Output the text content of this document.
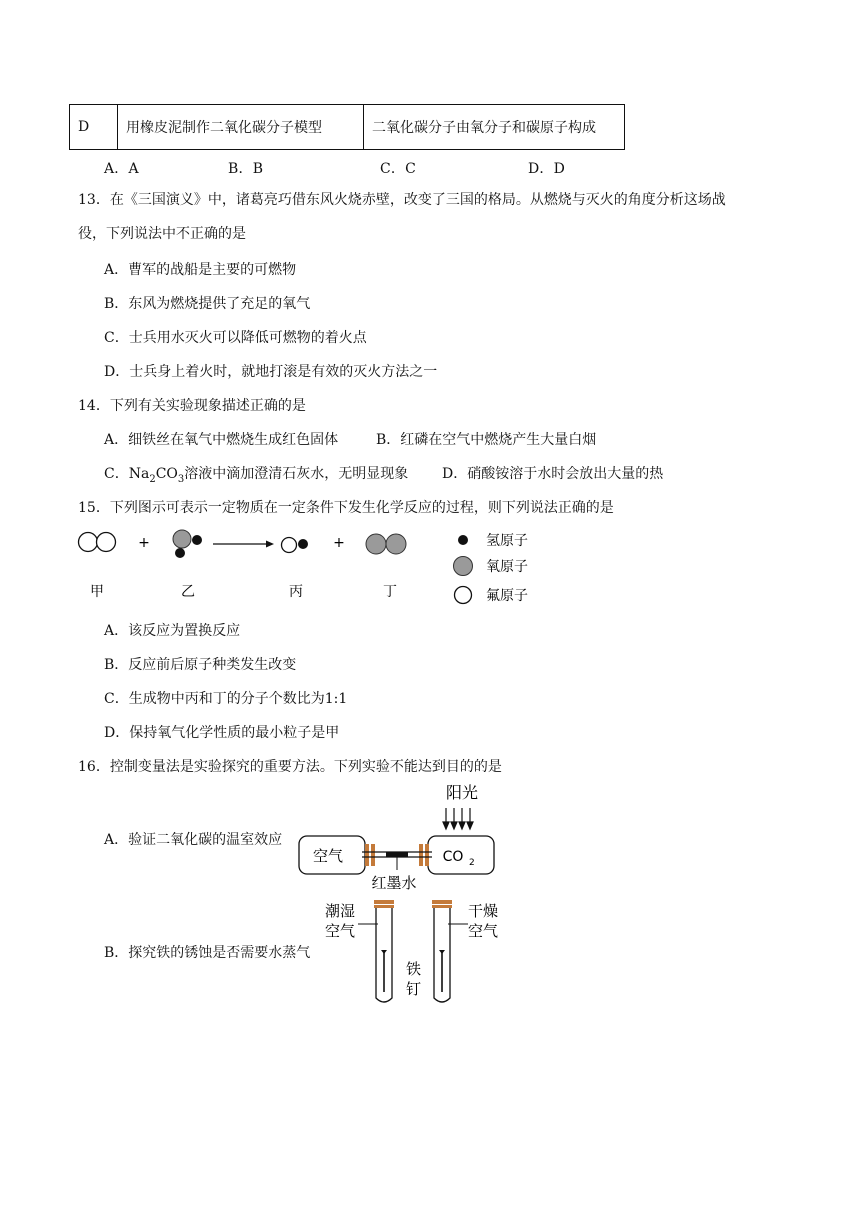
D	用橡皮泥制作二氧化碳分子模型	二氧化碳分子由氧分子和碳原子构成
A．A	B．B	C．C	D．D
13．在《三国演义》中，诸葛亮巧借东风火烧赤壁，改变了三国的格局。从燃烧与灭火的角度分析这场战
役，下列说法中不正确的是
A．曹军的战船是主要的可燃物
B．东风为燃烧提供了充足的氧气
C．士兵用水灭火可以降低可燃物的着火点
D．士兵身上着火时，就地打滚是有效的灭火方法之一
14．下列有关实验现象描述正确的是
A．细铁丝在氧气中燃烧生成红色固体	B．红磷在空气中燃烧产生大量白烟
C．$Na_2CO_3$溶液中滴加澄清石灰水，无明显现象 D．硝酸铵溶于水时会放出大量的热
15．下列图示可表示一定物质在一定条件下发生化学反应的过程，则下列说法正确的是
+	+
甲	乙	丙	丁
氢原子
氧原子
氟原子
A．该反应为置换反应
B．反应前后原子种类发生改变
C．生成物中丙和丁的分子个数比为1:1
D．保持氧气化学性质的最小粒子是甲
16．控制变量法是实验探究的重要方法。下列实验不能达到目的的是
A．验证二氧化碳的温室效应
B．探究铁的锈蚀是否需要水蒸气
阳光
空气	CO 2
红墨水
潮湿
空气
干燥
空气
铁
钉
